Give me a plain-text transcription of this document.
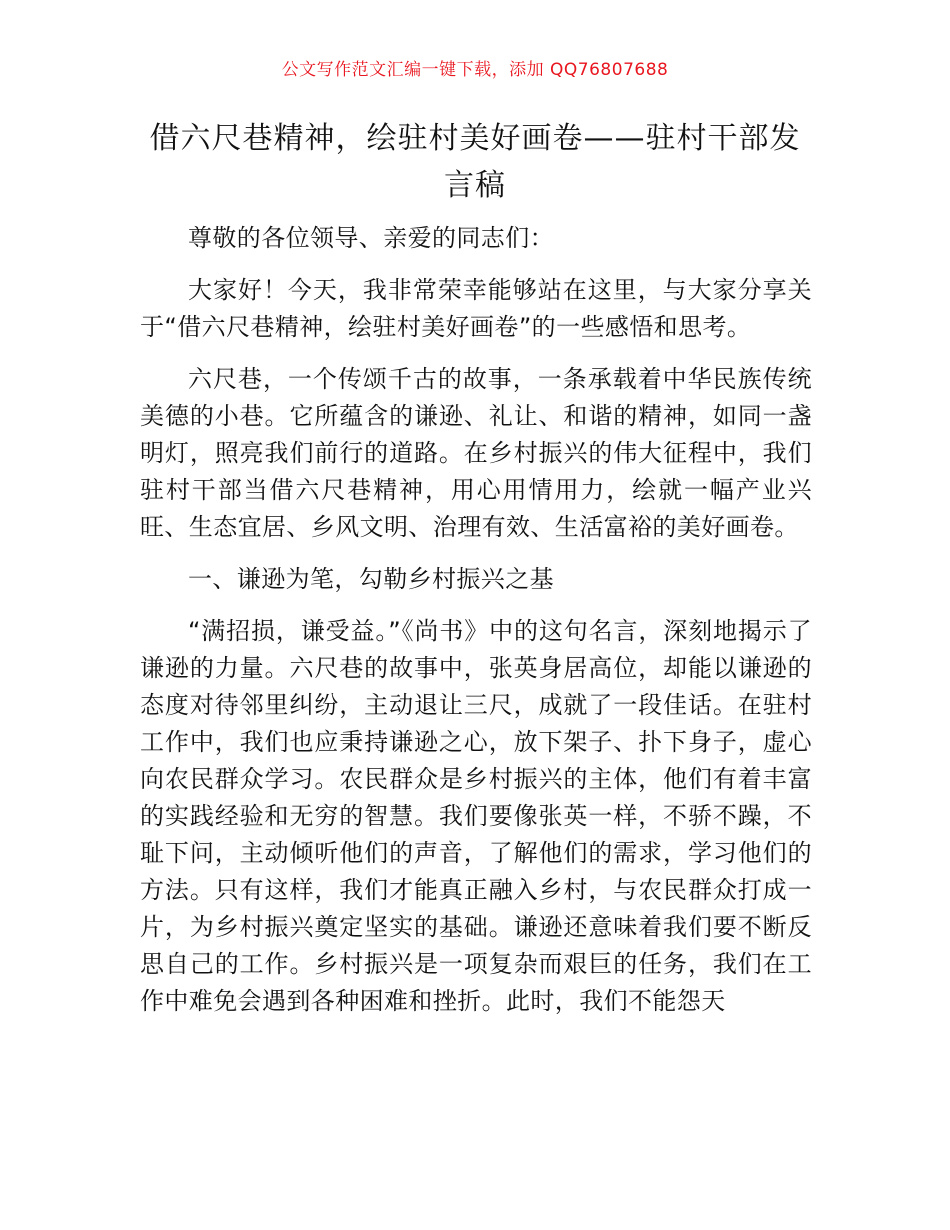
公文写作范文汇编一键下载，添加 QQ76807688
借六尺巷精神，绘驻村美好画卷——驻村干部发言稿

尊敬的各位领导、亲爱的同志们：

大家好！今天，我非常荣幸能够站在这里，与大家分享关于“借六尺巷精神，绘驻村美好画卷”的一些感悟和思考。

六尺巷，一个传颂千古的故事，一条承载着中华民族传统美德的小巷。它所蕴含的谦逊、礼让、和谐的精神，如同一盏明灯，照亮我们前行的道路。在乡村振兴的伟大征程中，我们驻村干部当借六尺巷精神，用心用情用力，绘就一幅产业兴旺、生态宜居、乡风文明、治理有效、生活富裕的美好画卷。

一、谦逊为笔，勾勒乡村振兴之基

“满招损，谦受益。”《尚书》中的这句名言，深刻地揭示了谦逊的力量。六尺巷的故事中，张英身居高位，却能以谦逊的态度对待邻里纠纷，主动退让三尺，成就了一段佳话。在驻村工作中，我们也应秉持谦逊之心，放下架子、扑下身子，虚心向农民群众学习。农民群众是乡村振兴的主体，他们有着丰富的实践经验和无穷的智慧。我们要像张英一样，不骄不躁，不耻下问，主动倾听他们的声音，了解他们的需求，学习他们的方法。只有这样，我们才能真正融入乡村，与农民群众打成一片，为乡村振兴奠定坚实的基础。谦逊还意味着我们要不断反思自己的工作。乡村振兴是一项复杂而艰巨的任务，我们在工作中难免会遇到各种困难和挫折。此时，我们不能怨天
